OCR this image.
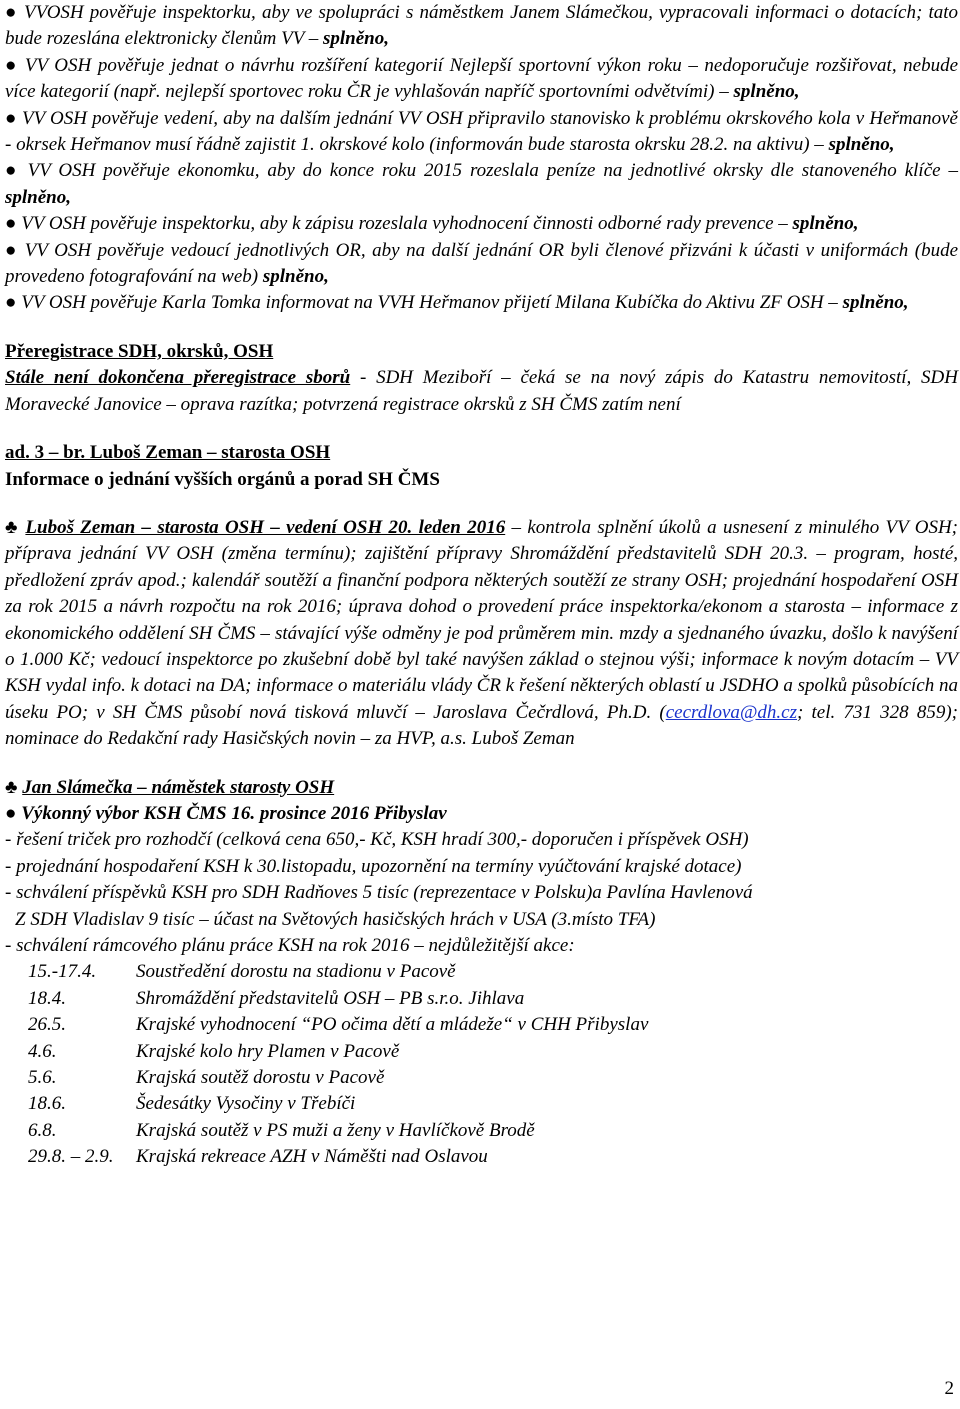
● VVOSH pověřuje inspektorku, aby ve spolupráci s náměstkem Janem Slámečkou, vypracovali informaci o dotacích; tato bude rozeslána elektronicky členům VV – splněno,

● VV OSH pověřuje jednat o návrhu rozšíření kategorií Nejlepší sportovní výkon roku – nedoporučuje rozšiřovat, nebude více kategorií (např. nejlepší sportovec roku ČR je vyhlašován napříč sportovními odvětvími) – splněno,

● VV OSH pověřuje vedení, aby na dalším jednání VV OSH připravilo stanovisko k problému okrskového kola v Heřmanově - okrsek Heřmanov musí řádně zajistit 1. okrskové kolo (informován bude starosta okrsku 28.2. na aktivu) – splněno,

● VV OSH pověřuje ekonomku, aby do konce roku 2015 rozeslala peníze na jednotlivé okrsky dle stanoveného klíče – splněno,

● VV OSH pověřuje inspektorku, aby k zápisu rozeslala vyhodnocení činnosti odborné rady prevence – splněno,

● VV OSH pověřuje vedoucí jednotlivých OR, aby na další jednání OR byli členové přizváni k účasti v uniformách (bude provedeno fotografování na web) splněno,

● VV OSH pověřuje Karla Tomka informovat na VVH Heřmanov přijetí Milana Kubíčka do Aktivu ZF OSH – splněno,

Přeregistrace SDH, okrsků, OSH

Stále není dokončena přeregistrace sborů - SDH Meziboří – čeká se na nový zápis do Katastru nemovitostí, SDH Moravecké Janovice – oprava razítka; potvrzená registrace okrsků z SH ČMS zatím není

ad. 3 – br. Luboš Zeman – starosta OSH

Informace o jednání vyšších orgánů a porad SH ČMS

♣ Luboš Zeman – starosta OSH – vedení OSH 20. leden 2016 – kontrola splnění úkolů a usnesení z minulého VV OSH; příprava jednání VV OSH (změna termínu); zajištění přípravy Shromáždění představitelů SDH 20.3. – program, hosté, předložení zpráv apod.; kalendář soutěží a finanční podpora některých soutěží ze strany OSH; projednání hospodaření OSH za rok 2015 a návrh rozpočtu na rok 2016; úprava dohod o provedení práce inspektorka/ekonom a starosta – informace z ekonomického oddělení SH ČMS – stávající výše odměny je pod průměrem min. mzdy a sjednaného úvazku, došlo k navýšení o 1.000 Kč; vedoucí inspektorce po zkušební době byl také navýšen základ o stejnou výši; informace k novým dotacím – VV KSH vydal info. k dotaci na DA; informace o materiálu vlády ČR k řešení některých oblastí u JSDHO a spolků působících na úseku PO; v SH ČMS působí nová tisková mluvčí – Jaroslava Čečrdlová, Ph.D. (cecrdlova@dh.cz; tel. 731 328 859); nominace do Redakční rady Hasičských novin – za HVP, a.s. Luboš Zeman

♣ Jan Slámečka – náměstek starosty OSH

● Výkonný výbor KSH ČMS 16. prosince 2016 Přibyslav

- řešení triček pro rozhodčí (celková cena 650,- Kč, KSH hradí 300,- doporučen i příspěvek OSH)

- projednání hospodaření KSH k 30.listopadu, upozornění na termíny vyúčtování krajské dotace)

- schválení příspěvků KSH pro SDH Radňoves 5 tisíc (reprezentace v Polsku)a Pavlína Havlenová

Z SDH Vladislav 9 tisíc – účast na Světových hasičských hrách v USA (3.místo TFA)

- schválení rámcového plánu práce KSH na rok 2016 – nejdůležitější akce:

15.-17.4.	Soustředění dorostu na stadionu v Pacově
18.4.	Shromáždění představitelů OSH – PB s.r.o. Jihlava
26.5.	Krajské vyhodnocení “PO očima dětí a mládeže“ v CHH Přibyslav
4.6.	Krajské kolo hry Plamen v Pacově
5.6.	Krajská soutěž dorostu v Pacově
18.6.	Šedesátky Vysočiny v Třebíči
6.8.	Krajská soutěž v PS muži a ženy v Havlíčkově Brodě
29.8. – 2.9.	Krajská rekreace AZH v Náměšti nad Oslavou
2
